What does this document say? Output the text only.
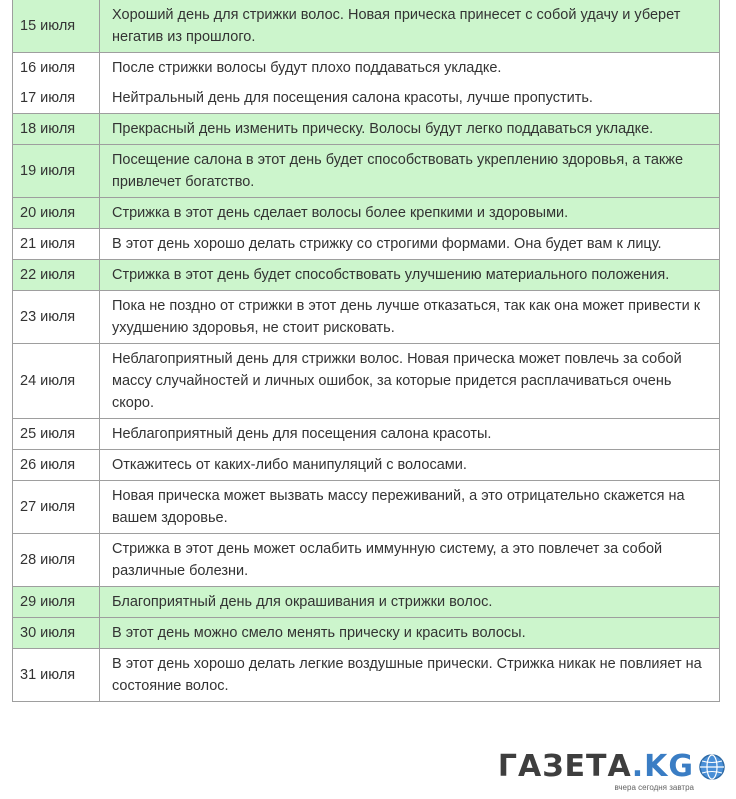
15 июля	Хороший день для стрижки волос. Новая прическа принесет с собой удачу и уберет негатив из прошлого.
16 июля	После стрижки волосы будут плохо поддаваться укладке.
17 июля	Нейтральный день для посещения салона красоты, лучше пропустить.
18 июля	Прекрасный день изменить прическу. Волосы будут легко поддаваться укладке.
19 июля	Посещение салона в этот день будет способствовать укреплению здоровья, а также привлечет богатство.
20 июля	Стрижка в этот день сделает волосы более крепкими и здоровыми.
21 июля	В этот день хорошо делать стрижку со строгими формами. Она будет вам к лицу.
22 июля	Стрижка в этот день будет способствовать улучшению материального положения.
23 июля	Пока не поздно от стрижки в этот день лучше отказаться, так как она может привести к ухудшению здоровья, не стоит рисковать.
24 июля	Неблагоприятный день для стрижки волос. Новая прическа может повлечь за собой массу случайностей и личных ошибок, за которые придется расплачиваться очень скоро.
25 июля	Неблагоприятный день для посещения салона красоты.
26 июля	Откажитесь от каких-либо манипуляций с волосами.
27 июля	Новая прическа может вызвать массу переживаний, а это отрицательно скажется на вашем здоровье.
28 июля	Стрижка в этот день может ослабить иммунную систему, а это повлечет за собой различные болезни.
29 июля	Благоприятный день для окрашивания и стрижки волос.
30 июля	В этот день можно смело менять прическу и красить волосы.
31 июля	В этот день хорошо делать легкие воздушные прически. Стрижка никак не повлияет на состояние волос.
ГАЗЕТА.KG
вчера сегодня завтра
